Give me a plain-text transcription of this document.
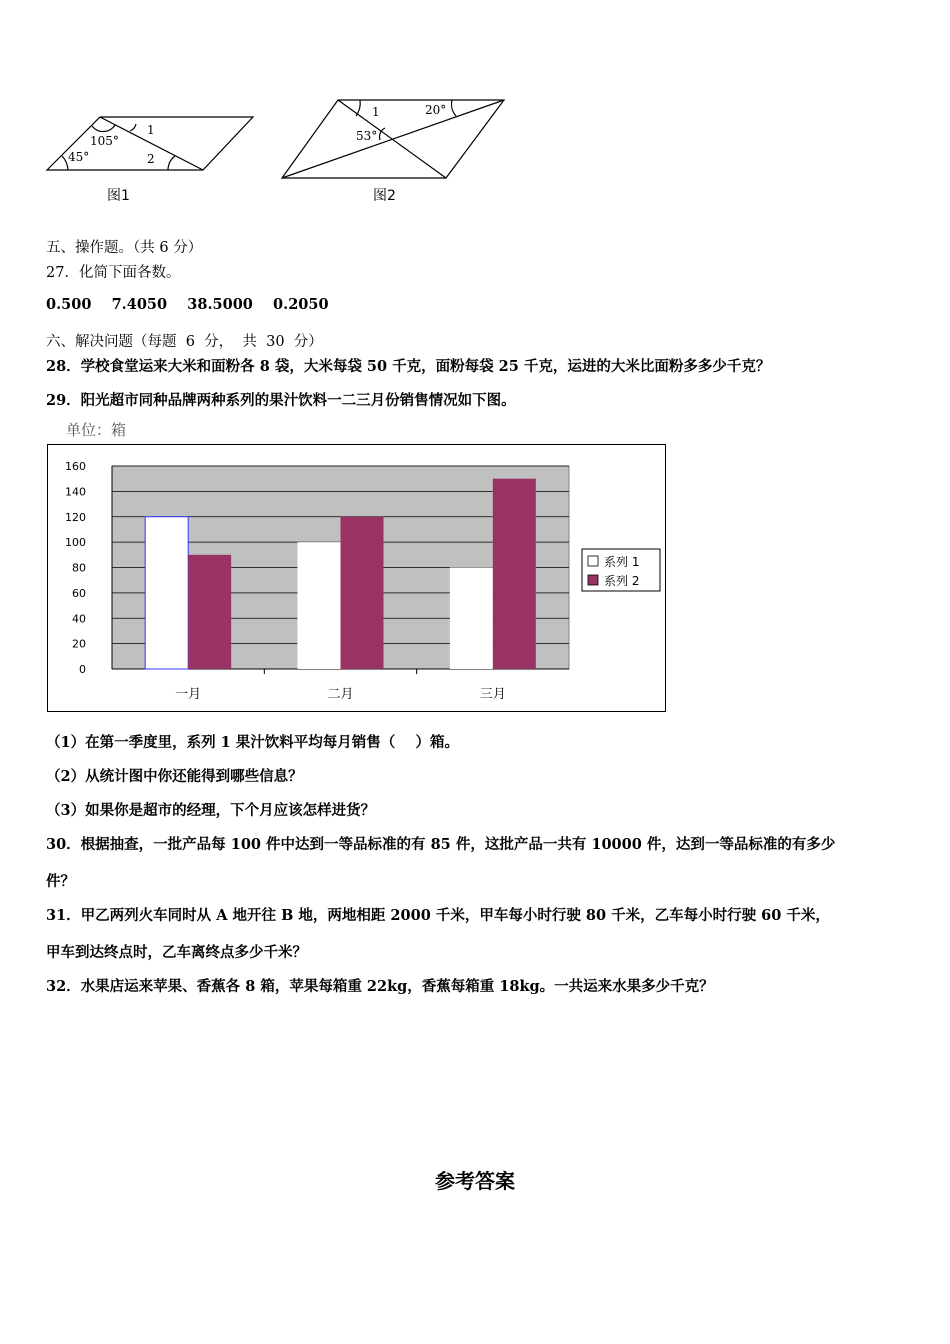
105°
45°
1
2
1	20°
53°
图1	图2
五、操作题。（共 6 分）
27．化简下面各数。
0.500    7.4050    38.5000    0.2050
六、解决问题（每题  6  分，  共  30  分）
28．学校食堂运来大米和面粉各 8 袋，大米每袋 50 千克，面粉每袋 25 千克，运进的大米比面粉多多少千克？
29．阳光超市同种品牌两种系列的果汁饮料一二三月份销售情况如下图。
单位：箱
0
20
40
60
80
100
120
140
160
一月	二月	三月
系列 1
系列 2
（1）在第一季度里，系列 1 果汁饮料平均每月销售（    ）箱。
（2）从统计图中你还能得到哪些信息？
（3）如果你是超市的经理，下个月应该怎样进货？
30．根据抽查，一批产品每 100 件中达到一等品标准的有 85 件，这批产品一共有 10000 件，达到一等品标准的有多少
件？
31．甲乙两列火车同时从 A 地开往 B 地，两地相距 2000 千米，甲车每小时行驶 80 千米，乙车每小时行驶 60 千米，
甲车到达终点时，乙车离终点多少千米？
32．水果店运来苹果、香蕉各 8 箱，苹果每箱重 22kg，香蕉每箱重 18kg。一共运来水果多少千克？
参考答案
